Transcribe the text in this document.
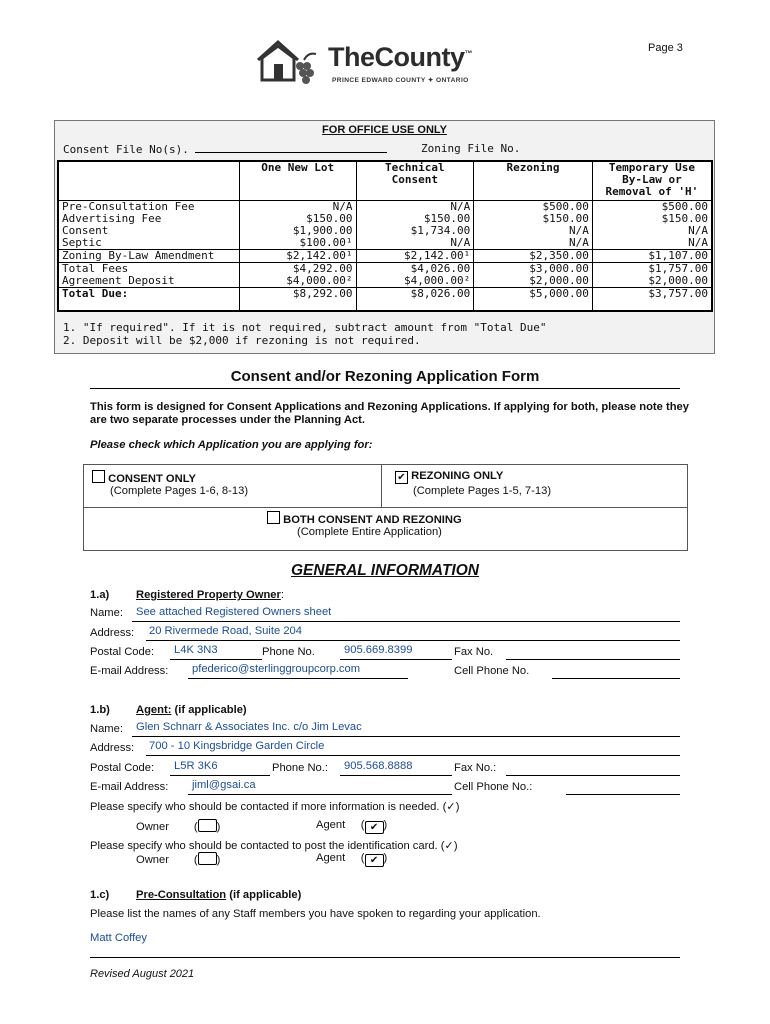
Page 3
TheCounty™
PRINCE EDWARD COUNTY ✦ ONTARIO
FOR OFFICE USE ONLY
Consent File No(s).	Zoning File No.
	One New Lot	Technical Consent	Rezoning	Temporary Use By-Law or Removal of 'H'
Pre-Consultation Fee	N/A	N/A	$500.00	$500.00
Advertising Fee	$150.00	$150.00	$150.00	$150.00
Consent	$1,900.00	$1,734.00	N/A	N/A
Septic	$100.00¹	N/A	N/A	N/A
Zoning By-Law Amendment	$2,142.00¹	$2,142.00¹	$2,350.00	$1,107.00
Total Fees	$4,292.00	$4,026.00	$3,000.00	$1,757.00
Agreement Deposit	$4,000.00²	$4,000.00²	$2,000.00	$2,000.00
Total Due:	$8,292.00	$8,026.00	$5,000.00	$3,757.00
1. "If required". If it is not required, subtract amount from "Total Due"
2. Deposit will be $2,000 if rezoning is not required.
Consent and/or Rezoning Application Form
This form is designed for Consent Applications and Rezoning Applications. If applying for both, please note they are two separate processes under the Planning Act.
Please check which Application you are applying for:
CONSENT ONLY
(Complete Pages 1-6, 8-13)
✔ REZONING ONLY
(Complete Pages 1-5, 7-13)
BOTH CONSENT AND REZONING
(Complete Entire Application)
GENERAL INFORMATION
1.a) Registered Property Owner:
Name: See attached Registered Owners sheet
Address: 20 Rivermede Road, Suite 204
Postal Code: L4K 3N3	Phone No.	905.669.8399	Fax No.
E-mail Address: pfederico@sterlinggroupcorp.com	Cell Phone No.
1.b) Agent: (if applicable)
Name: Glen Schnarr & Associates Inc. c/o Jim Levac
Address: 700 - 10 Kingsbridge Garden Circle
Postal Code: L5R 3K6	Phone No.: 905.568.8888	Fax No.:
E-mail Address: jiml@gsai.ca	Cell Phone No.:
Please specify who should be contacted if more information is needed. (✓)
Owner ( )	Agent ( ✔ )
Please specify who should be contacted to post the identification card. (✓)
Owner ( )	Agent ( ✔ )
1.c) Pre-Consultation (if applicable)
Please list the names of any Staff members you have spoken to regarding your application.
Matt Coffey
Revised August 2021
